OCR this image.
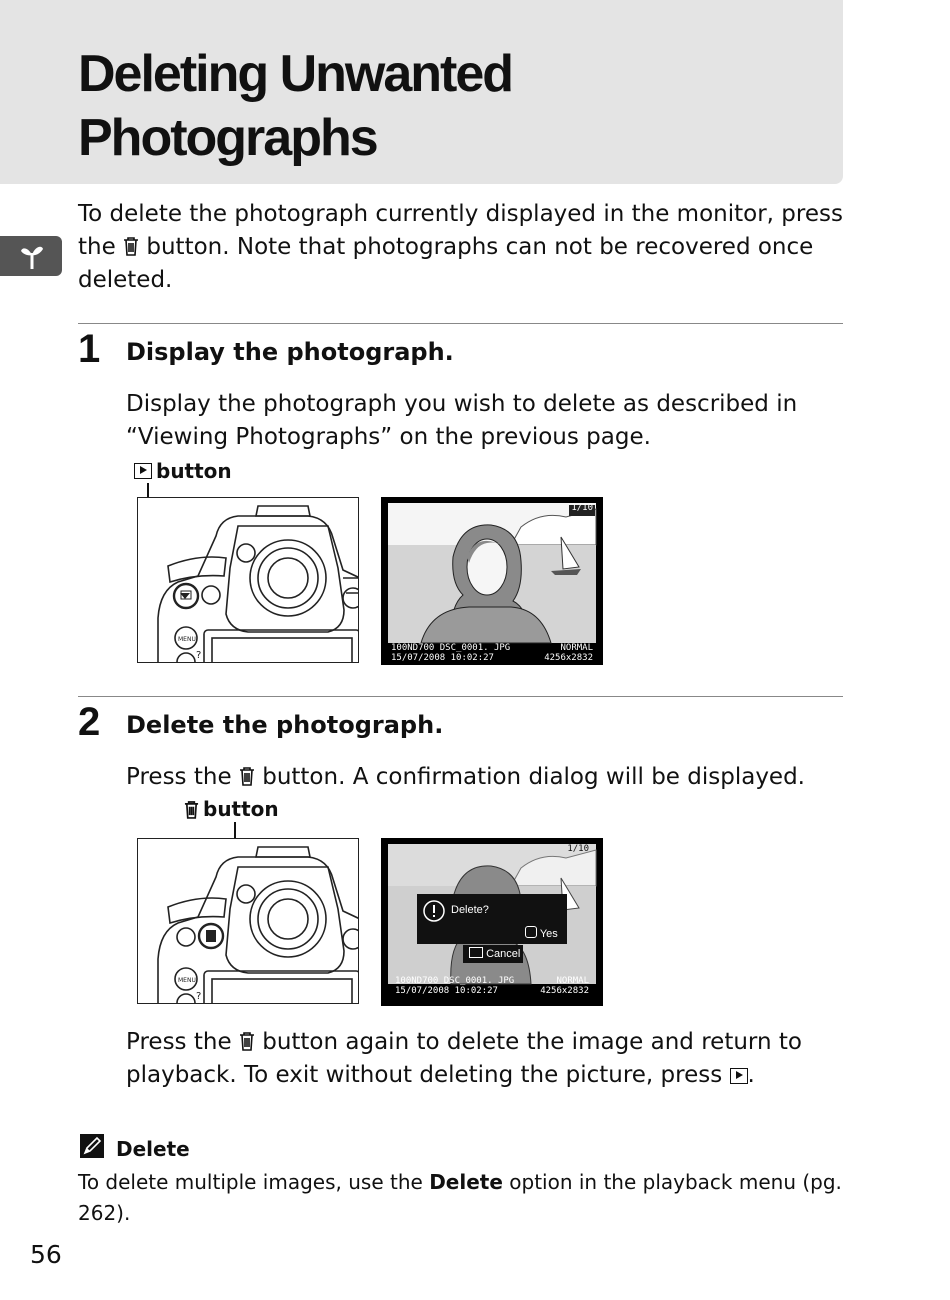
Deleting Unwanted
Photographs

To delete the photograph currently displayed in the monitor, press the button. Note that photographs can not be recovered once deleted.

1 Display the photograph.

Display the photograph you wish to delete as described in “Viewing Photographs” on the previous page.

button
MENU
?
1/10
100ND700 DSC_0001. JPG
15/07/2008 10:02:27
NORMAL
4256x2832
2 Delete the photograph.

Press the button. A confirmation dialog will be displayed.

button
MENU
?
1/10
Delete?
Yes
Cancel
100ND700 DSC_0001. JPG
15/07/2008 10:02:27
NORMAL
4256x2832

Press the button again to delete the image and return to playback. To exit without deleting the picture, press .

Delete

To delete multiple images, use the Delete option in the playback menu (pg. 262).

56
